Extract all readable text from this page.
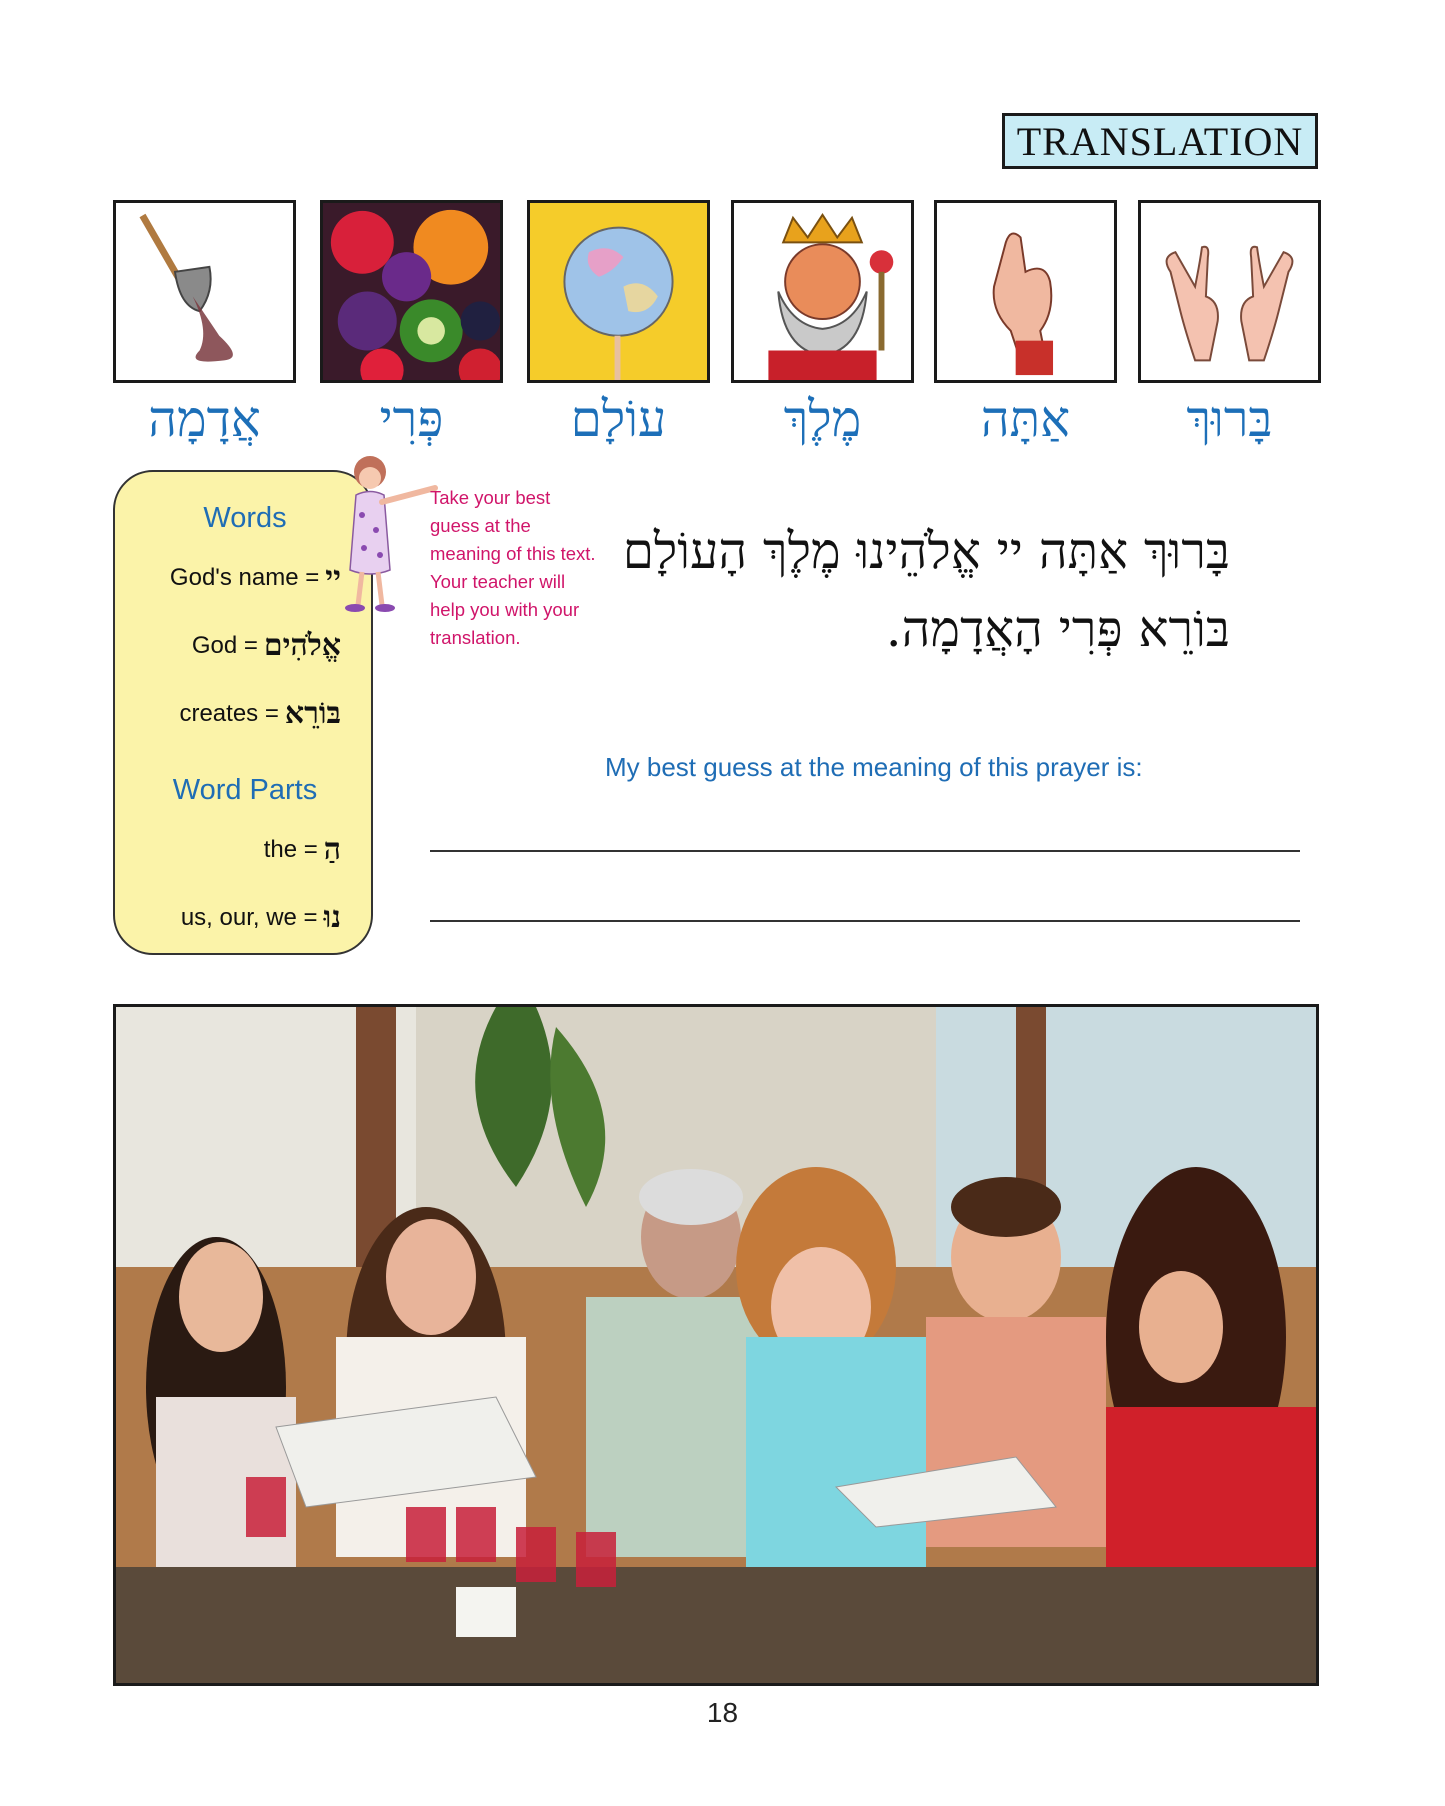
TRANSLATION
בָּרוּךְ
אַתָּה
מֶלֶךְ
עוֹלָם
פְּרִי
אֲדָמָה
Words
God's name = יי
God = אֱלֹהִים
creates = בּוֹרֵא
Word Parts
the = הַ
us, our, we = נוּ
Take your best guess at the meaning of this text. Your teacher will help you with your translation.
בָּרוּךְ אַתָּה יי אֱלֹהֵינוּ מֶלֶךְ הָעוֹלָם
בּוֹרֵא פְּרִי הָאֲדָמָה.
My best guess at the meaning of this prayer is:
18
